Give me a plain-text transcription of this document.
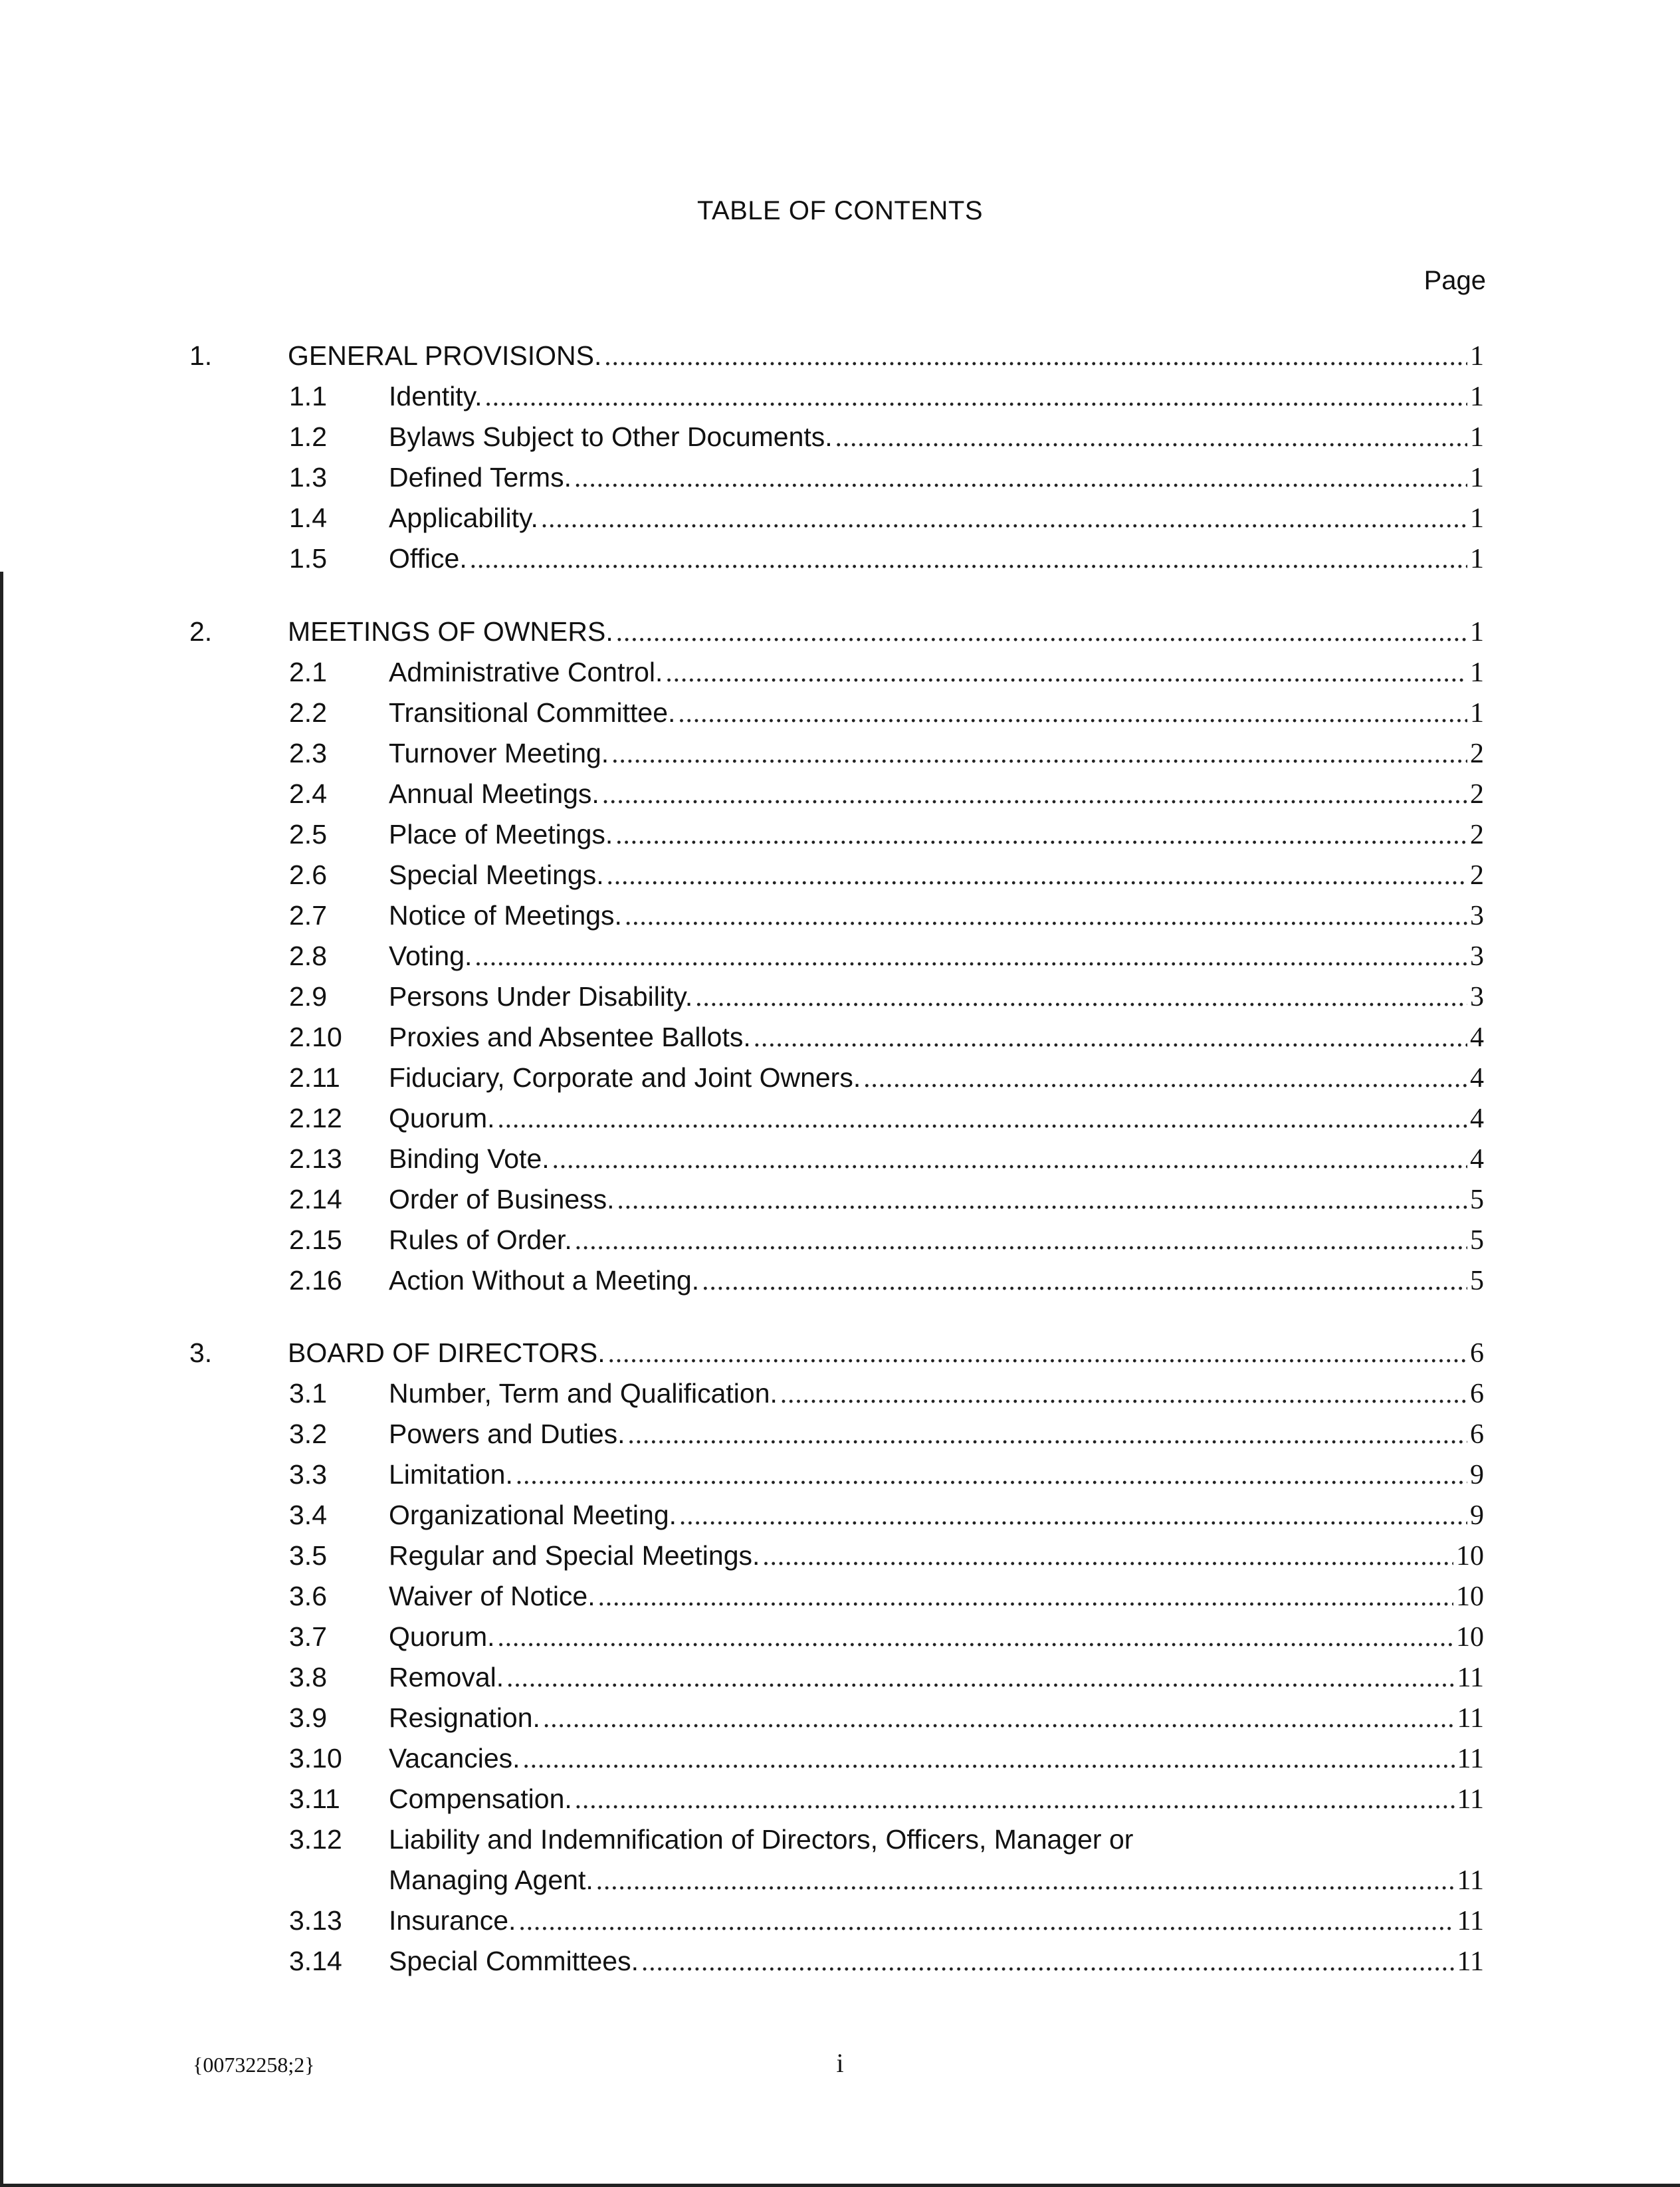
TABLE OF CONTENTS
Page
1.	GENERAL PROVISIONS. .....	1
1.1 Identity. .....	1
1.2 Bylaws Subject to Other Documents. .....	1
1.3 Defined Terms. .....	1
1.4 Applicability. .....	1
1.5 Office. .....	1
2.	MEETINGS OF OWNERS. .....	1
2.1 Administrative Control. .....	1
2.2 Transitional Committee. .....	1
2.3 Turnover Meeting. .....	2
2.4 Annual Meetings. .....	2
2.5 Place of Meetings. .....	2
2.6 Special Meetings. .....	2
2.7 Notice of Meetings. .....	3
2.8 Voting. .....	3
2.9 Persons Under Disability. .....	3
2.10 Proxies and Absentee Ballots. .....	4
2.11 Fiduciary, Corporate and Joint Owners. .....	4
2.12 Quorum. .....	4
2.13 Binding Vote. .....	4
2.14 Order of Business. .....	5
2.15 Rules of Order. .....	5
2.16 Action Without a Meeting. .....	5
3.	BOARD OF DIRECTORS. .....	6
3.1 Number, Term and Qualification. .....	6
3.2 Powers and Duties. .....	6
3.3 Limitation. .....	9
3.4 Organizational Meeting. .....	9
3.5 Regular and Special Meetings. .....	10
3.6 Waiver of Notice. .....	10
3.7 Quorum. .....	10
3.8 Removal. .....	11
3.9 Resignation. .....	11
3.10 Vacancies. .....	11
3.11 Compensation. .....	11
3.12 Liability and Indemnification of Directors, Officers, Manager or
Managing Agent. .....	11
3.13 Insurance. .....	11
3.14 Special Committees. .....	11
{00732258;2}	i
